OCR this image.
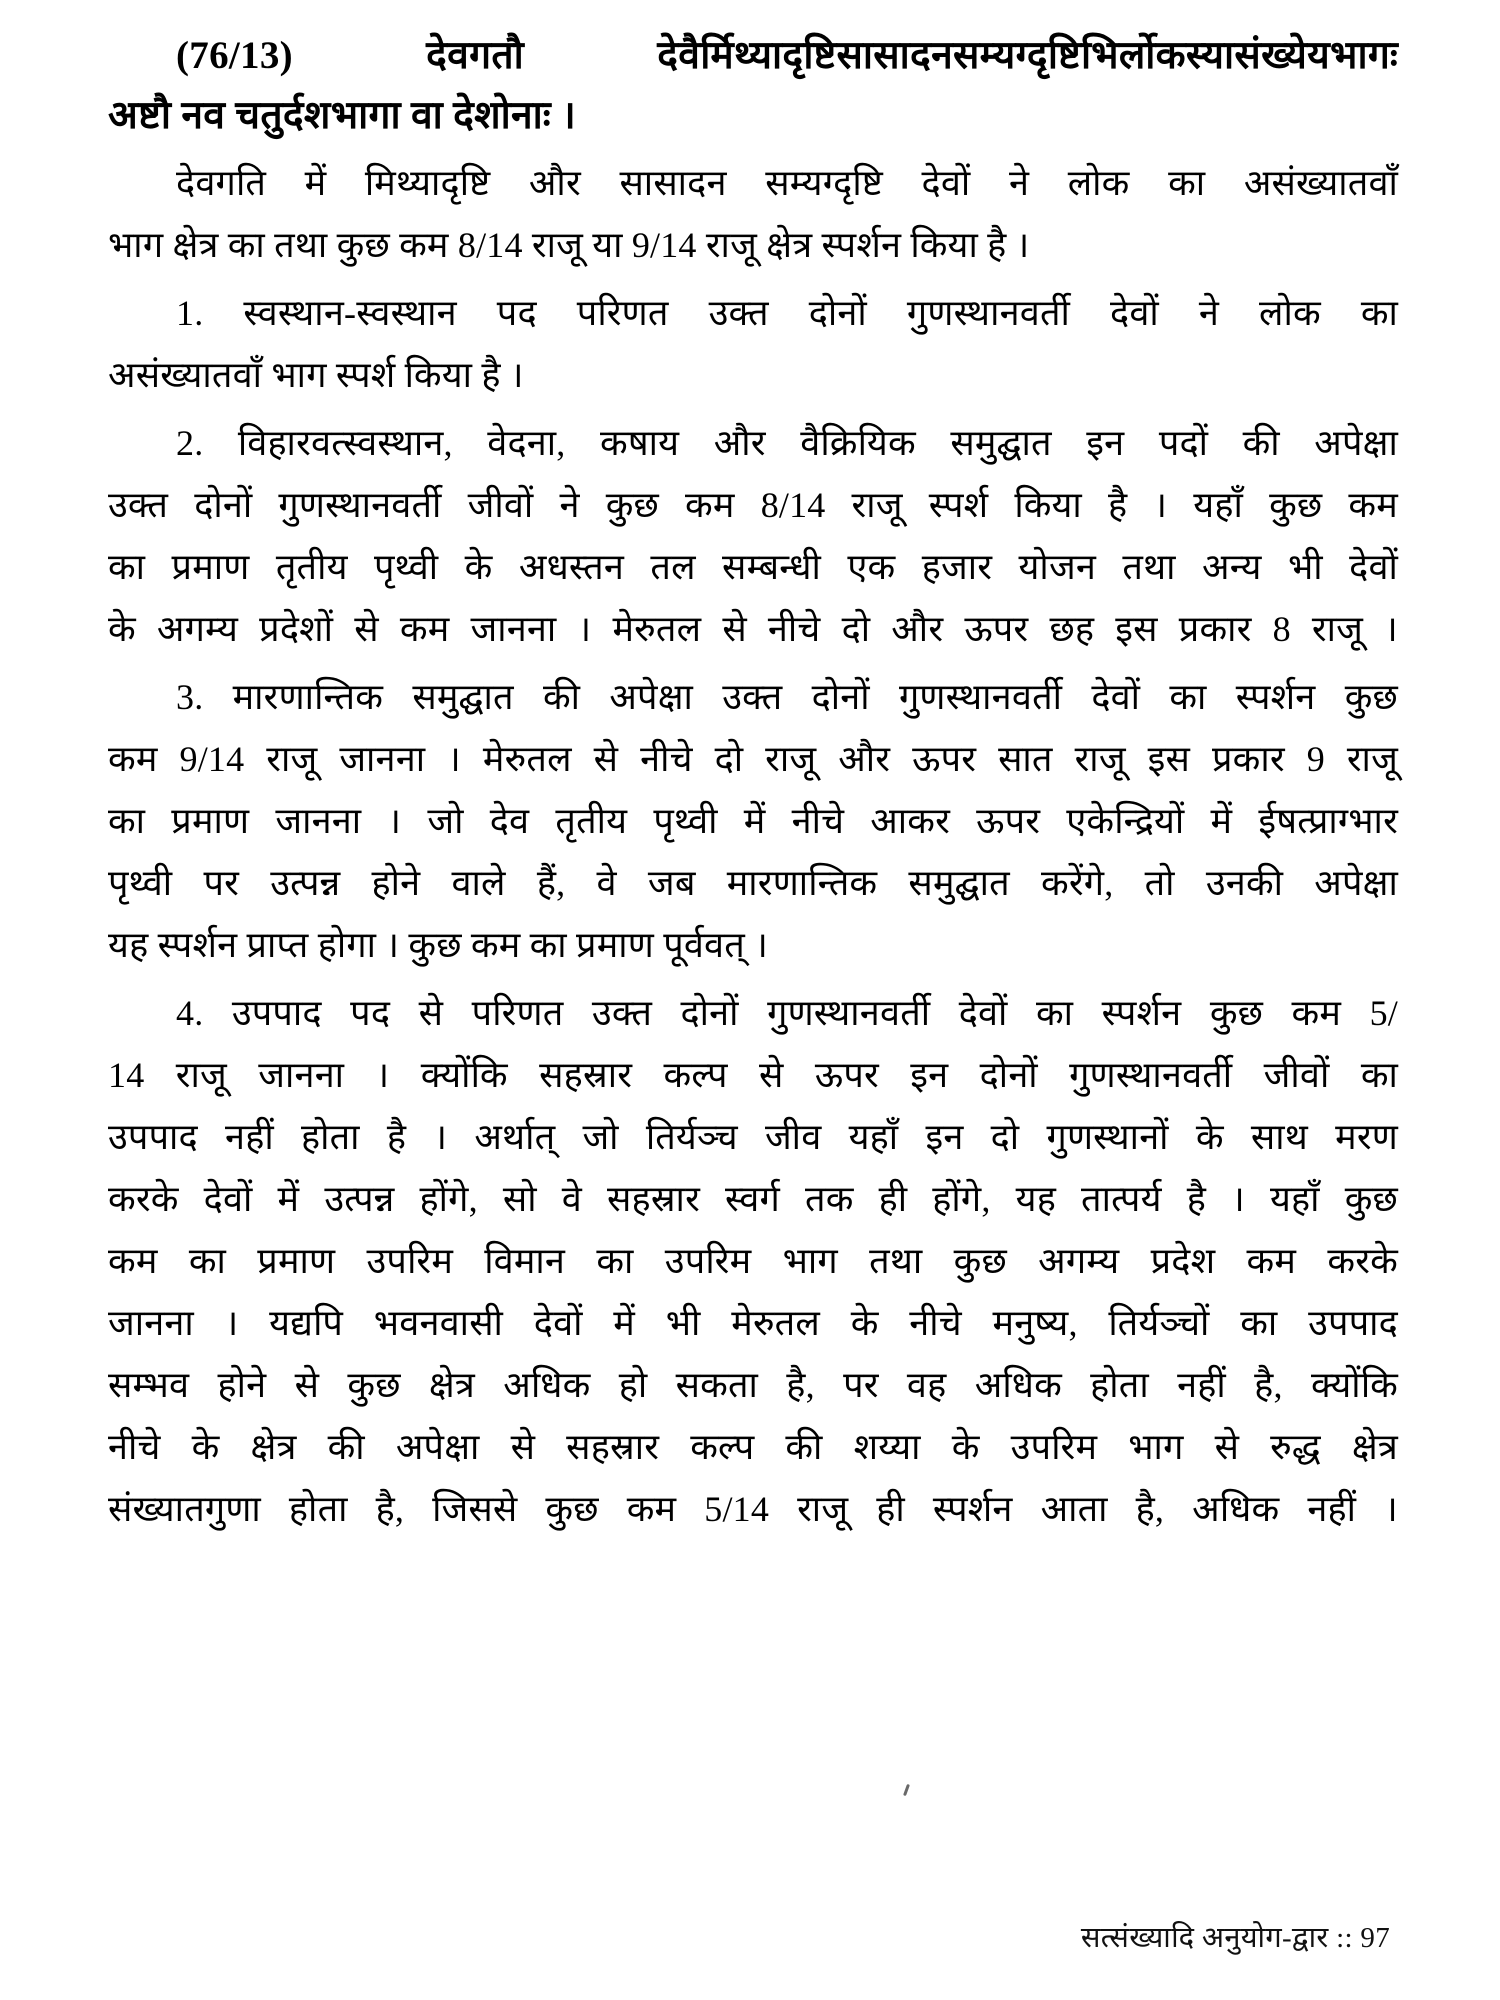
(76/13) देवगतौ देवैर्मिथ्यादृष्टिसासादनसम्यग्दृष्टिभिर्लोकस्यासंख्येयभागः
अष्टौ नव चतुर्दशभागा वा देशोनाः ।
देवगति में मिथ्यादृष्टि और सासादन सम्यग्दृष्टि देवों ने लोक का असंख्यातवाँ
भाग क्षेत्र का तथा कुछ कम 8/14 राजू या 9/14 राजू क्षेत्र स्पर्शन किया है ।
1. स्वस्थान-स्वस्थान पद परिणत उक्त दोनों गुणस्थानवर्ती देवों ने लोक का
असंख्यातवाँ भाग स्पर्श किया है ।
2. विहारवत्स्वस्थान, वेदना, कषाय और वैक्रियिक समुद्घात इन पदों की अपेक्षा
उक्त दोनों गुणस्थानवर्ती जीवों ने कुछ कम 8/14 राजू स्पर्श किया है । यहाँ कुछ कम
का प्रमाण तृतीय पृथ्वी के अधस्तन तल सम्बन्धी एक हजार योजन तथा अन्य भी देवों
के अगम्य प्रदेशों से कम जानना । मेरुतल से नीचे दो और ऊपर छह इस प्रकार 8 राजू ।
3. मारणान्तिक समुद्घात की अपेक्षा उक्त दोनों गुणस्थानवर्ती देवों का स्पर्शन कुछ
कम 9/14 राजू जानना । मेरुतल से नीचे दो राजू और ऊपर सात राजू इस प्रकार 9 राजू
का प्रमाण जानना । जो देव तृतीय पृथ्वी में नीचे आकर ऊपर एकेन्द्रियों में ईषत्प्राग्भार
पृथ्वी पर उत्पन्न होने वाले हैं, वे जब मारणान्तिक समुद्घात करेंगे, तो उनकी अपेक्षा
यह स्पर्शन प्राप्त होगा । कुछ कम का प्रमाण पूर्ववत् ।
4. उपपाद पद से परिणत उक्त दोनों गुणस्थानवर्ती देवों का स्पर्शन कुछ कम 5/
14 राजू जानना । क्योंकि सहस्रार कल्प से ऊपर इन दोनों गुणस्थानवर्ती जीवों का
उपपाद नहीं होता है । अर्थात् जो तिर्यञ्च जीव यहाँ इन दो गुणस्थानों के साथ मरण
करके देवों में उत्पन्न होंगे, सो वे सहस्रार स्वर्ग तक ही होंगे, यह तात्पर्य है । यहाँ कुछ
कम का प्रमाण उपरिम विमान का उपरिम भाग तथा कुछ अगम्य प्रदेश कम करके
जानना । यद्यपि भवनवासी देवों में भी मेरुतल के नीचे मनुष्य, तिर्यञ्चों का उपपाद
सम्भव होने से कुछ क्षेत्र अधिक हो सकता है, पर वह अधिक होता नहीं है, क्योंकि
नीचे के क्षेत्र की अपेक्षा से सहस्रार कल्प की शय्या के उपरिम भाग से रुद्ध क्षेत्र
संख्यातगुणा होता है, जिससे कुछ कम 5/14 राजू ही स्पर्शन आता है, अधिक नहीं ।
सत्संख्यादि अनुयोग-द्वार :: 97
